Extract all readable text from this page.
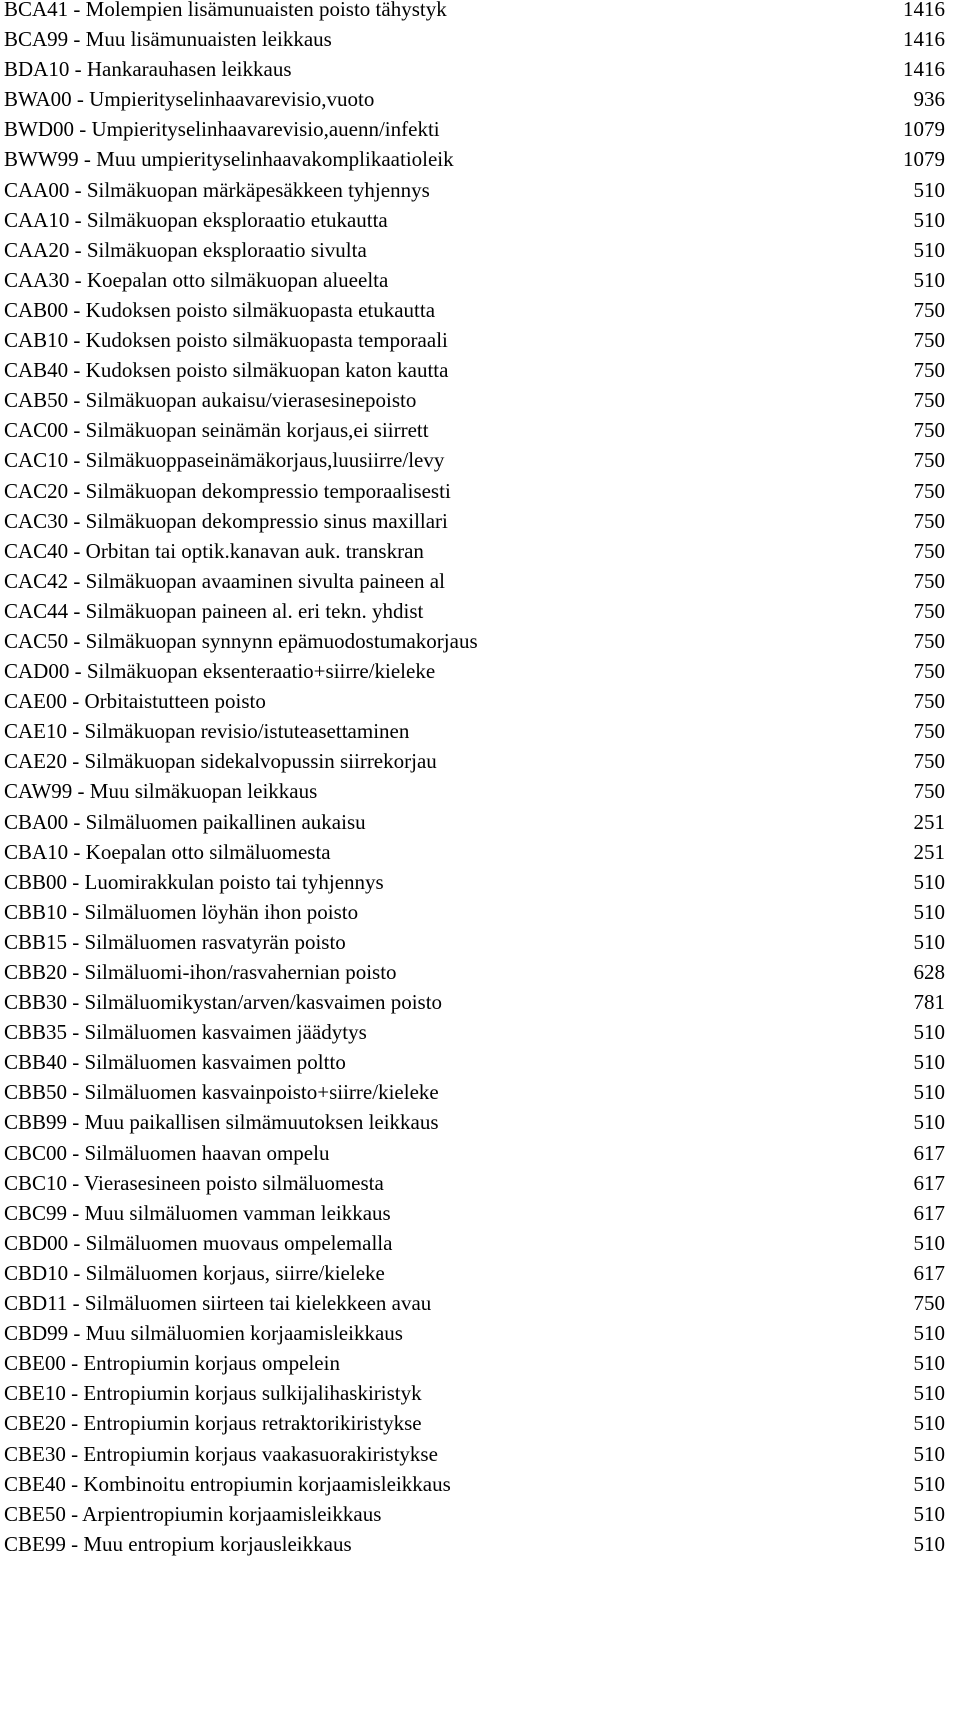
BCA41 - Molempien lisämunuaisten poisto tähystyk	1416
BCA99 - Muu lisämunuaisten leikkaus	1416
BDA10 - Hankarauhasen leikkaus	1416
BWA00 - Umpierityselinhaavarevisio,vuoto	936
BWD00 - Umpierityselinhaavarevisio,auenn/infekti	1079
BWW99 - Muu umpierityselinhaavakomplikaatioleik	1079
CAA00 - Silmäkuopan märkäpesäkkeen tyhjennys	510
CAA10 - Silmäkuopan eksploraatio etukautta	510
CAA20 - Silmäkuopan eksploraatio sivulta	510
CAA30 - Koepalan otto silmäkuopan alueelta	510
CAB00 - Kudoksen poisto silmäkuopasta etukautta	750
CAB10 - Kudoksen poisto silmäkuopasta temporaali	750
CAB40 - Kudoksen poisto silmäkuopan katon kautta	750
CAB50 - Silmäkuopan aukaisu/vierasesinepoisto	750
CAC00 - Silmäkuopan seinämän korjaus,ei siirrett	750
CAC10 - Silmäkuoppaseinämäkorjaus,luusiirre/levy	750
CAC20 - Silmäkuopan dekompressio temporaalisesti	750
CAC30 - Silmäkuopan dekompressio sinus maxillari	750
CAC40 - Orbitan tai optik.kanavan auk. transkran	750
CAC42 - Silmäkuopan avaaminen sivulta paineen al	750
CAC44 - Silmäkuopan paineen al. eri tekn. yhdist	750
CAC50 - Silmäkuopan synnynn epämuodostumakorjaus	750
CAD00 - Silmäkuopan eksenteraatio+siirre/kieleke	750
CAE00 - Orbitaistutteen poisto	750
CAE10 - Silmäkuopan revisio/istuteasettaminen	750
CAE20 - Silmäkuopan sidekalvopussin siirrekorjau	750
CAW99 - Muu silmäkuopan leikkaus	750
CBA00 - Silmäluomen paikallinen aukaisu	251
CBA10 - Koepalan otto silmäluomesta	251
CBB00 - Luomirakkulan poisto tai tyhjennys	510
CBB10 - Silmäluomen löyhän ihon poisto	510
CBB15 - Silmäluomen rasvatyrän poisto	510
CBB20 - Silmäluomi-ihon/rasvahernian poisto	628
CBB30 - Silmäluomikystan/arven/kasvaimen poisto	781
CBB35 - Silmäluomen kasvaimen jäädytys	510
CBB40 - Silmäluomen kasvaimen poltto	510
CBB50 - Silmäluomen kasvainpoisto+siirre/kieleke	510
CBB99 - Muu paikallisen silmämuutoksen leikkaus	510
CBC00 - Silmäluomen haavan ompelu	617
CBC10 - Vierasesineen poisto silmäluomesta	617
CBC99 - Muu silmäluomen vamman leikkaus	617
CBD00 - Silmäluomen muovaus ompelemalla	510
CBD10 - Silmäluomen korjaus, siirre/kieleke	617
CBD11 - Silmäluomen siirteen tai kielekkeen avau	750
CBD99 - Muu silmäluomien korjaamisleikkaus	510
CBE00 - Entropiumin korjaus ompelein	510
CBE10 - Entropiumin korjaus sulkijalihaskiristyk	510
CBE20 - Entropiumin korjaus retraktorikiristykse	510
CBE30 - Entropiumin korjaus vaakasuorakiristykse	510
CBE40 - Kombinoitu entropiumin korjaamisleikkaus	510
CBE50 - Arpientropiumin korjaamisleikkaus	510
CBE99 - Muu entropium korjausleikkaus	510
